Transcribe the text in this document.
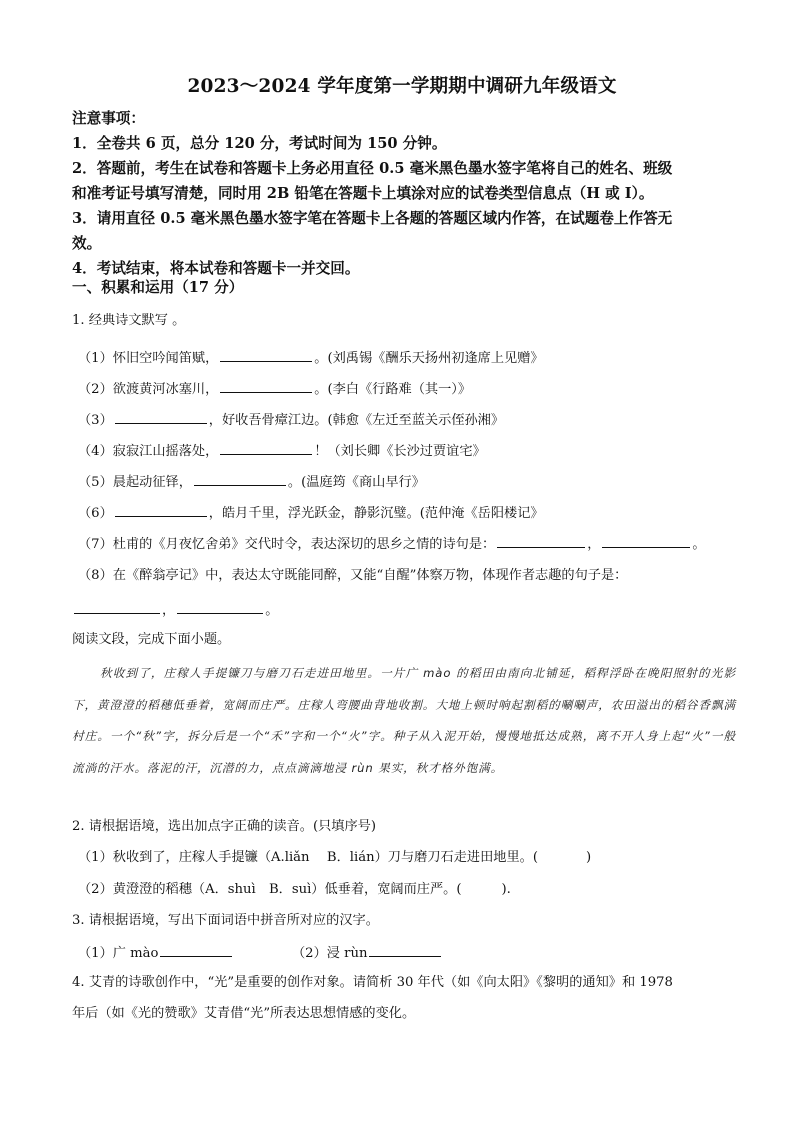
2023～2024 学年度第一学期期中调研九年级语文
注意事项：
1．全卷共 6 页，总分 120 分，考试时间为 150 分钟。
2．答题前，考生在试卷和答题卡上务必用直径 0.5 毫米黑色墨水签字笔将自己的姓名、班级
和准考证号填写清楚，同时用 2B 铅笔在答题卡上填涂对应的试卷类型信息点（H 或 I）。
3．请用直径 0.5 毫米黑色墨水签字笔在答题卡上各题的答题区域内作答，在试题卷上作答无
效。
4．考试结束，将本试卷和答题卡一并交回。
一、积累和运用（17 分）
1. 经典诗文默写 。
（1）怀旧空吟闻笛赋，	。(刘禹锡《酬乐天扬州初逢席上见赠》
（2）欲渡黄河冰塞川，	。(李白《行路难（其一）》
（3）	，好收吾骨瘴江边。(韩愈《左迁至蓝关示侄孙湘》
（4）寂寂江山摇落处，	！（刘长卿《长沙过贾谊宅》
（5）晨起动征铎，	。(温庭筠《商山早行》
（6）	，皓月千里，浮光跃金，静影沉璧。(范仲淹《岳阳楼记》
（7）杜甫的《月夜忆舍弟》交代时令，表达深切的思乡之情的诗句是：	，	。
（8）在《醉翁亭记》中，表达太守既能同醉，又能“自醒”体察万物，体现作者志趣的句子是：
，	。
阅读文段，完成下面小题。
秋收到了，庄稼人手提镰刀与磨刀石走进田地里。一片广 mào 的稻田由南向北铺延，稻稈浮卧在晚阳照射的光影下，黄澄澄的稻穗低垂着，宽阔而庄严。庄稼人弯腰曲背地收割。大地上顿时响起割稻的唰唰声，农田溢出的稻谷香飘满村庄。一个“秋”字，拆分后是一个“禾”字和一个“火”字。种子从入泥开始，慢慢地抵达成熟，离不开人身上起“火”一般流淌的汗水。落泥的汗，沉潜的力，点点滴滴地浸 rùn 果实，秋才格外饱满。
2. 请根据语境，选出加点字正确的读音。(只填序号)
（1）秋收到了，庄稼人手提镰（A.liǎn　 B．lián）刀与磨刀石走进田地里。(	)
（2）黄澄澄的稻穗（A．shuì　B．suì）低垂着，宽阔而庄严。(	).
3. 请根据语境，写出下面词语中拼音所对应的汉字。
（1）广 mào	（2）浸 rùn
4. 艾青的诗歌创作中，“光”是重要的创作对象。请简析 30 年代（如《向太阳》《黎明的通知》和 1978
年后（如《光的赞歌》艾青借“光”所表达思想情感的变化。
